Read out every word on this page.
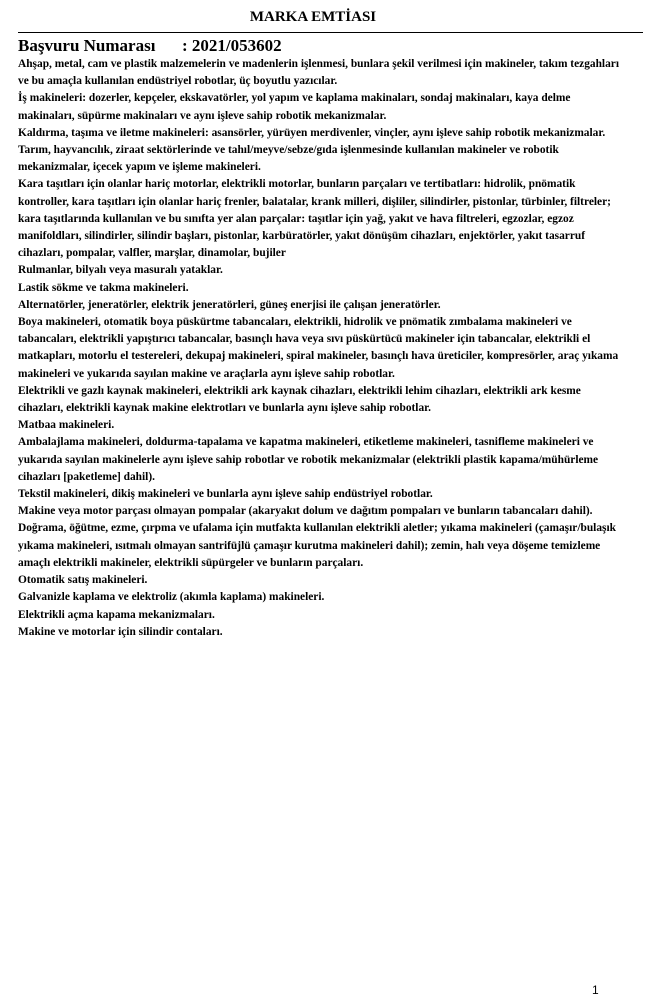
MARKA EMTİASI
Başvuru Numarası : 2021/053602

Ahşap, metal, cam ve plastik malzemelerin ve madenlerin işlenmesi, bunlara şekil verilmesi için makineler, takım tezgahları ve bu amaçla kullanılan endüstriyel robotlar, üç boyutlu yazıcılar.

İş makineleri: dozerler, kepçeler, ekskavatörler, yol yapım ve kaplama makinaları, sondaj makinaları, kaya delme makinaları, süpürme makinaları ve aynı işleve sahip robotik mekanizmalar.

Kaldırma, taşıma ve iletme makineleri: asansörler, yürüyen merdivenler, vinçler, aynı işleve sahip robotik mekanizmalar.

Tarım, hayvancılık, ziraat sektörlerinde ve tahıl/meyve/sebze/gıda işlenmesinde kullanılan makineler ve robotik mekanizmalar, içecek yapım ve işleme makineleri.

Kara taşıtları için olanlar hariç motorlar, elektrikli motorlar, bunların parçaları ve tertibatları: hidrolik, pnömatik kontroller, kara taşıtları için olanlar hariç frenler, balatalar, krank milleri, dişliler, silindirler, pistonlar, türbinler, filtreler; kara taşıtlarında kullanılan ve bu sınıfta yer alan parçalar: taşıtlar için yağ, yakıt ve hava filtreleri, egzozlar, egzoz manifoldları, silindirler, silindir başları, pistonlar, karbüratörler, yakıt dönüşüm cihazları, enjektörler, yakıt tasarruf cihazları, pompalar, valfler, marşlar, dinamolar, bujiler

Rulmanlar, bilyalı veya masuralı yataklar.

Lastik sökme ve takma makineleri.

Alternatörler, jeneratörler, elektrik jeneratörleri, güneş enerjisi ile çalışan jeneratörler.

Boya makineleri, otomatik boya püskürtme tabancaları, elektrikli, hidrolik ve pnömatik zımbalama makineleri ve tabancaları, elektrikli yapıştırıcı tabancalar, basınçlı hava veya sıvı püskürtücü makineler için tabancalar, elektrikli el matkapları, motorlu el testereleri, dekupaj makineleri, spiral makineler, basınçlı hava üreticiler, kompresörler, araç yıkama makineleri ve yukarıda sayılan makine ve araçlarla aynı işleve sahip robotlar.

Elektrikli ve gazlı kaynak makineleri, elektrikli ark kaynak cihazları, elektrikli lehim cihazları, elektrikli ark kesme cihazları, elektrikli kaynak makine elektrotları ve bunlarla aynı işleve sahip robotlar.

Matbaa makineleri.

Ambalajlama makineleri, doldurma-tapalama ve kapatma makineleri, etiketleme makineleri, tasnifleme makineleri ve yukarıda sayılan makinelerle aynı işleve sahip robotlar ve robotik mekanizmalar (elektrikli plastik kapama/mühürleme cihazları [paketleme] dahil).

Tekstil makineleri, dikiş makineleri ve bunlarla aynı işleve sahip endüstriyel robotlar.

Makine veya motor parçası olmayan pompalar (akaryakıt dolum ve dağıtım pompaları ve bunların tabancaları dahil).

Doğrama, öğütme, ezme, çırpma ve ufalama için mutfakta kullanılan elektrikli aletler; yıkama makineleri (çamaşır/bulaşık yıkama makineleri, ısıtmalı olmayan santrifüjlü çamaşır kurutma makineleri dahil); zemin, halı veya döşeme temizleme amaçlı elektrikli makineler, elektrikli süpürgeler ve bunların parçaları.

Otomatik satış makineleri.

Galvanizle kaplama ve elektroliz (akımla kaplama) makineleri.

Elektrikli açma kapama mekanizmaları.

Makine ve motorlar için silindir contaları.

1
